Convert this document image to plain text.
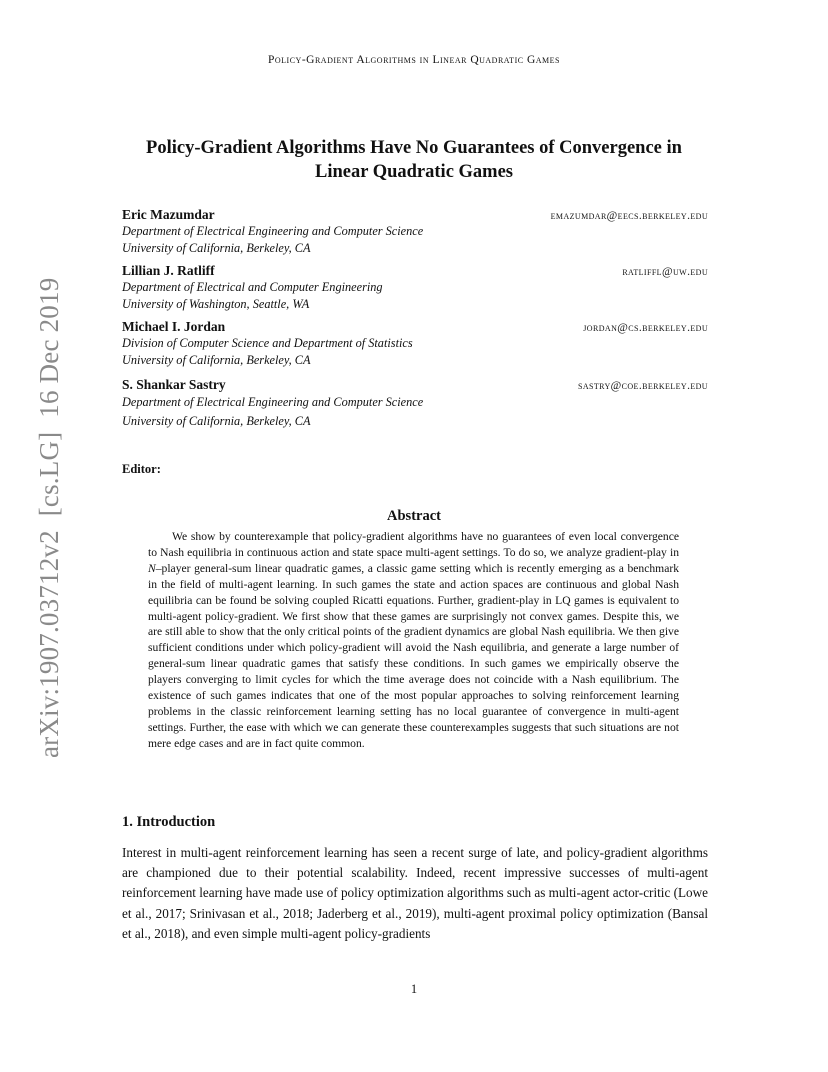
Policy-Gradient Algorithms in Linear Quadratic Games
Policy-Gradient Algorithms Have No Guarantees of Convergence in
Linear Quadratic Games
Eric Mazumdar	emazumdar@eecs.berkeley.edu
Department of Electrical Engineering and Computer Science
University of California, Berkeley, CA
Lillian J. Ratliff	ratliffl@uw.edu
Department of Electrical and Computer Engineering
University of Washington, Seattle, WA
Michael I. Jordan	jordan@cs.berkeley.edu
Division of Computer Science and Department of Statistics
University of California, Berkeley, CA
S. Shankar Sastry	sastry@coe.berkeley.edu
Department of Electrical Engineering and Computer Science
University of California, Berkeley, CA
Editor:
Abstract
We show by counterexample that policy-gradient algorithms have no guarantees of even local convergence to Nash equilibria in continuous action and state space multi-agent settings. To do so, we analyze gradient-play in N–player general-sum linear quadratic games, a classic game setting which is recently emerging as a benchmark in the field of multi-agent learning. In such games the state and action spaces are continuous and global Nash equilibria can be found be solving coupled Ricatti equations. Further, gradient-play in LQ games is equivalent to multi-agent policy-gradient. We first show that these games are surprisingly not convex games. Despite this, we are still able to show that the only critical points of the gradient dynamics are global Nash equilibria. We then give sufficient conditions under which policy-gradient will avoid the Nash equilibria, and generate a large number of general-sum linear quadratic games that satisfy these conditions. In such games we empirically observe the players converging to limit cycles for which the time average does not coincide with a Nash equilibrium. The existence of such games indicates that one of the most popular approaches to solving reinforcement learning problems in the classic reinforcement learning setting has no local guarantee of convergence in multi-agent settings. Further, the ease with which we can generate these counterexamples suggests that such situations are not mere edge cases and are in fact quite common.
1. Introduction
Interest in multi-agent reinforcement learning has seen a recent surge of late, and policy-gradient algorithms are championed due to their potential scalability. Indeed, recent impressive successes of multi-agent reinforcement learning have made use of policy optimization algorithms such as multi-agent actor-critic (Lowe et al., 2017; Srinivasan et al., 2018; Jaderberg et al., 2019), multi-agent proximal policy optimization (Bansal et al., 2018), and even simple multi-agent policy-gradients
1
arXiv:1907.03712v2  [cs.LG]  16 Dec 2019
